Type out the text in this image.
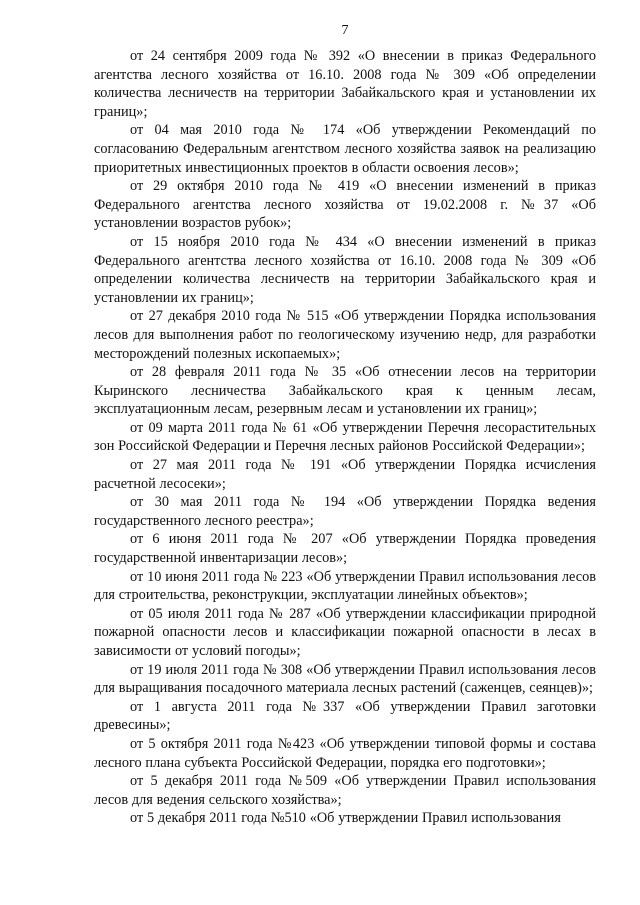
7

от 24 сентября 2009 года № 392 «О внесении в приказ Федерального агентства лесного хозяйства от 16.10. 2008 года № 309 «Об определении количества лесничеств на территории Забайкальского края и установлении их границ»;

от 04 мая 2010 года № 174 «Об утверждении Рекомендаций по согласованию Федеральным агентством лесного хозяйства заявок на реализацию приоритетных инвестиционных проектов в области освоения лесов»;

от 29 октября 2010 года № 419 «О внесении изменений в приказ Федерального агентства лесного хозяйства от 19.02.2008 г. №37 «Об установлении возрастов рубок»;

от 15 ноября 2010 года № 434 «О внесении изменений в приказ Федерального агентства лесного хозяйства от 16.10. 2008 года № 309 «Об определении количества лесничеств на территории Забайкальского края и установлении их границ»;

от 27 декабря 2010 года № 515 «Об утверждении Порядка использования лесов для выполнения работ по геологическому изучению недр, для разработки месторождений полезных ископаемых»;

от 28 февраля 2011 года № 35 «Об отнесении лесов на территории Кыринского лесничества Забайкальского края к ценным лесам, эксплуатационным лесам, резервным лесам и установлении их границ»;

от 09 марта 2011 года № 61 «Об утверждении Перечня лесорастительных зон Российской Федерации и Перечня лесных районов Российской Федерации»;

от 27 мая 2011 года № 191 «Об утверждении Порядка исчисления расчетной лесосеки»;

от 30 мая 2011 года № 194 «Об утверждении Порядка ведения государственного лесного реестра»;

от 6 июня 2011 года № 207 «Об утверждении Порядка проведения государственной инвентаризации лесов»;

от 10 июня 2011 года № 223 «Об утверждении Правил использования лесов для строительства, реконструкции, эксплуатации линейных объектов»;

от 05 июля 2011 года № 287 «Об утверждении классификации природной пожарной опасности лесов и классификации пожарной опасности в лесах в зависимости от условий погоды»;

от 19 июля 2011 года № 308 «Об утверждении Правил использования лесов для выращивания посадочного материала лесных растений (саженцев, сеянцев)»;

от 1 августа 2011 года №337 «Об утверждении Правил заготовки древесины»;

от 5 октября 2011 года №423 «Об утверждении типовой формы и состава лесного плана субъекта Российской Федерации, порядка его подготовки»;

от 5 декабря 2011 года №509 «Об утверждении Правил использования лесов для ведения сельского хозяйства»;

от 5 декабря 2011 года №510 «Об утверждении Правил использования
